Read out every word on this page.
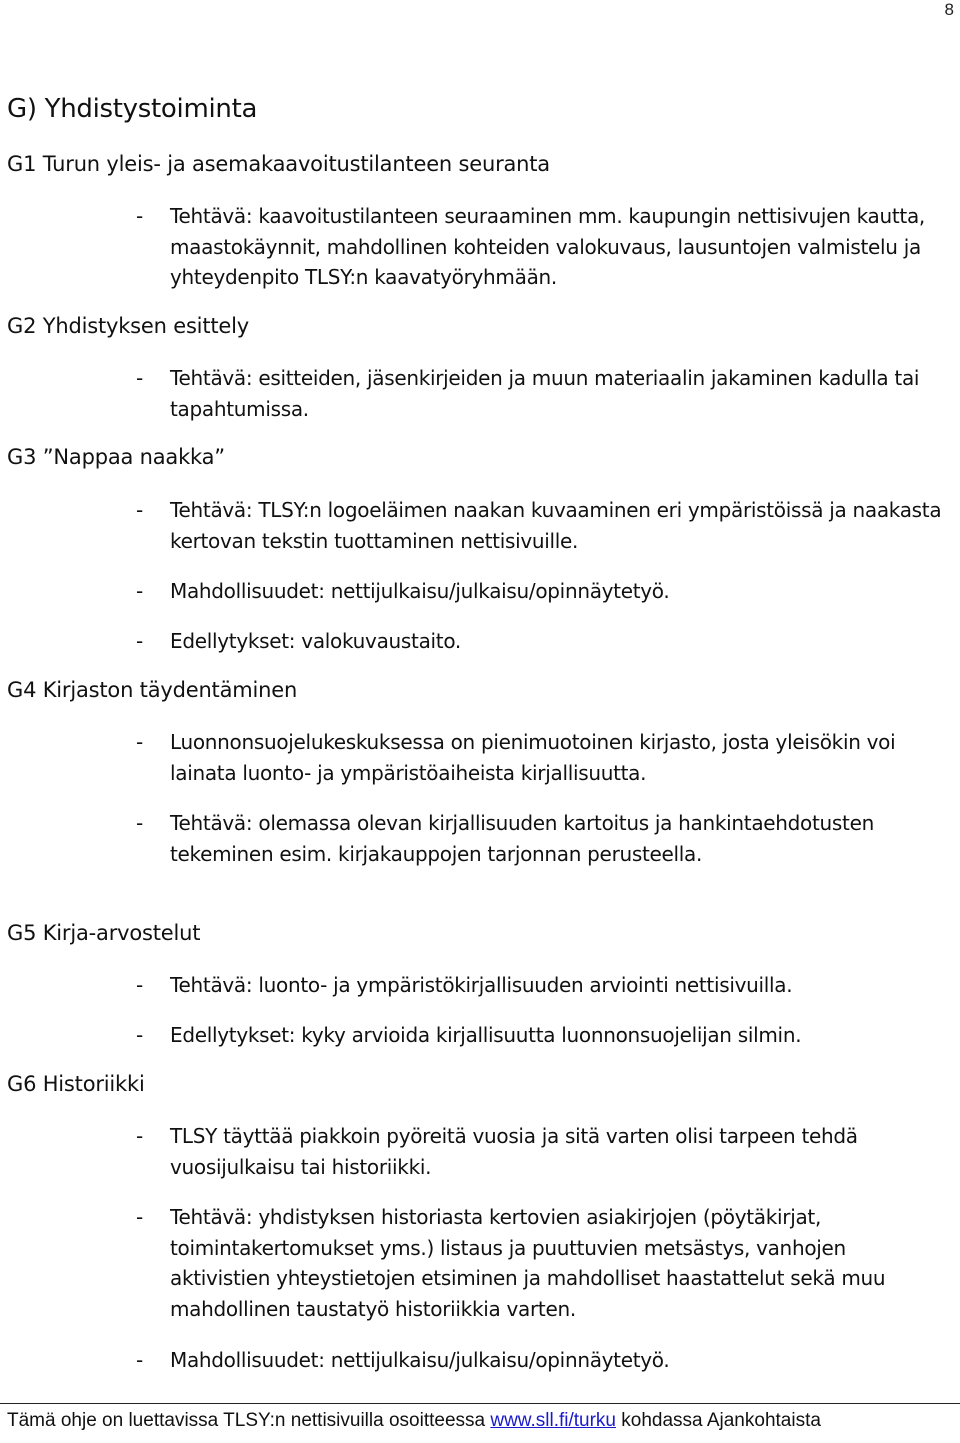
8
G) Yhdistystoiminta
G1 Turun yleis- ja asemakaavoitustilanteen seuranta
- Tehtävä: kaavoitustilanteen seuraaminen mm. kaupungin nettisivujen kautta, maastokäynnit, mahdollinen kohteiden valokuvaus, lausuntojen valmistelu ja yhteydenpito TLSY:n kaavatyöryhmään.
G2 Yhdistyksen esittely
- Tehtävä: esitteiden, jäsenkirjeiden ja muun materiaalin jakaminen kadulla tai tapahtumissa.
G3 ”Nappaa naakka”
- Tehtävä: TLSY:n logoeläimen naakan kuvaaminen eri ympäristöissä ja naakasta kertovan tekstin tuottaminen nettisivuille.
- Mahdollisuudet: nettijulkaisu/julkaisu/opinnäytetyö.
- Edellytykset: valokuvaustaito.
G4 Kirjaston täydentäminen
- Luonnonsuojelukeskuksessa on pienimuotoinen kirjasto, josta yleisökin voi lainata luonto- ja ympäristöaiheista kirjallisuutta.
- Tehtävä: olemassa olevan kirjallisuuden kartoitus ja hankintaehdotusten tekeminen esim. kirjakauppojen tarjonnan perusteella.
G5 Kirja-arvostelut
- Tehtävä: luonto- ja ympäristökirjallisuuden arviointi nettisivuilla.
- Edellytykset: kyky arvioida kirjallisuutta luonnonsuojelijan silmin.
G6 Historiikki
- TLSY täyttää piakkoin pyöreitä vuosia ja sitä varten olisi tarpeen tehdä vuosijulkaisu tai historiikki.
- Tehtävä: yhdistyksen historiasta kertovien asiakirjojen (pöytäkirjat, toimintakertomukset yms.) listaus ja puuttuvien metsästys, vanhojen aktivistien yhteystietojen etsiminen ja mahdolliset haastattelut sekä muu mahdollinen taustatyö historiikkia varten.
- Mahdollisuudet: nettijulkaisu/julkaisu/opinnäytetyö.
Tämä ohje on luettavissa TLSY:n nettisivuilla osoitteessa www.sll.fi/turku kohdassa Ajankohtaista
